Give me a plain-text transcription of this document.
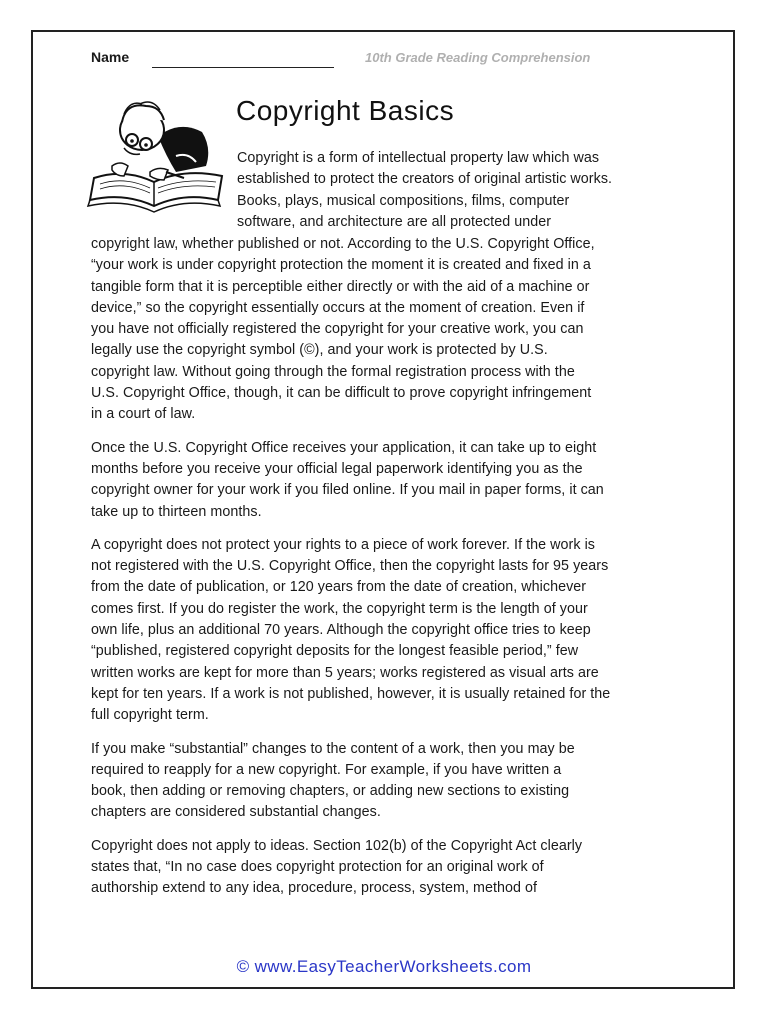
Name	10th Grade Reading Comprehension
Copyright Basics
Copyright is a form of intellectual property law which was
established to protect the creators of original artistic works.
Books, plays, musical compositions, films, computer
software, and architecture are all protected under
copyright law, whether published or not. According to the U.S. Copyright Office,
“your work is under copyright protection the moment it is created and fixed in a
tangible form that it is perceptible either directly or with the aid of a machine or
device,” so the copyright essentially occurs at the moment of creation. Even if
you have not officially registered the copyright for your creative work, you can
legally use the copyright symbol (©), and your work is protected by U.S.
copyright law. Without going through the formal registration process with the
U.S. Copyright Office, though, it can be difficult to prove copyright infringement
in a court of law.
Once the U.S. Copyright Office receives your application, it can take up to eight
months before you receive your official legal paperwork identifying you as the
copyright owner for your work if you filed online. If you mail in paper forms, it can
take up to thirteen months.
A copyright does not protect your rights to a piece of work forever. If the work is
not registered with the U.S. Copyright Office, then the copyright lasts for 95 years
from the date of publication, or 120 years from the date of creation, whichever
comes first. If you do register the work, the copyright term is the length of your
own life, plus an additional 70 years. Although the copyright office tries to keep
“published, registered copyright deposits for the longest feasible period,” few
written works are kept for more than 5 years; works registered as visual arts are
kept for ten years. If a work is not published, however, it is usually retained for the
full copyright term.
If you make “substantial” changes to the content of a work, then you may be
required to reapply for a new copyright. For example, if you have written a
book, then adding or removing chapters, or adding new sections to existing
chapters are considered substantial changes.
Copyright does not apply to ideas. Section 102(b) of the Copyright Act clearly
states that, “In no case does copyright protection for an original work of
authorship extend to any idea, procedure, process, system, method of
© www.EasyTeacherWorksheets.com
